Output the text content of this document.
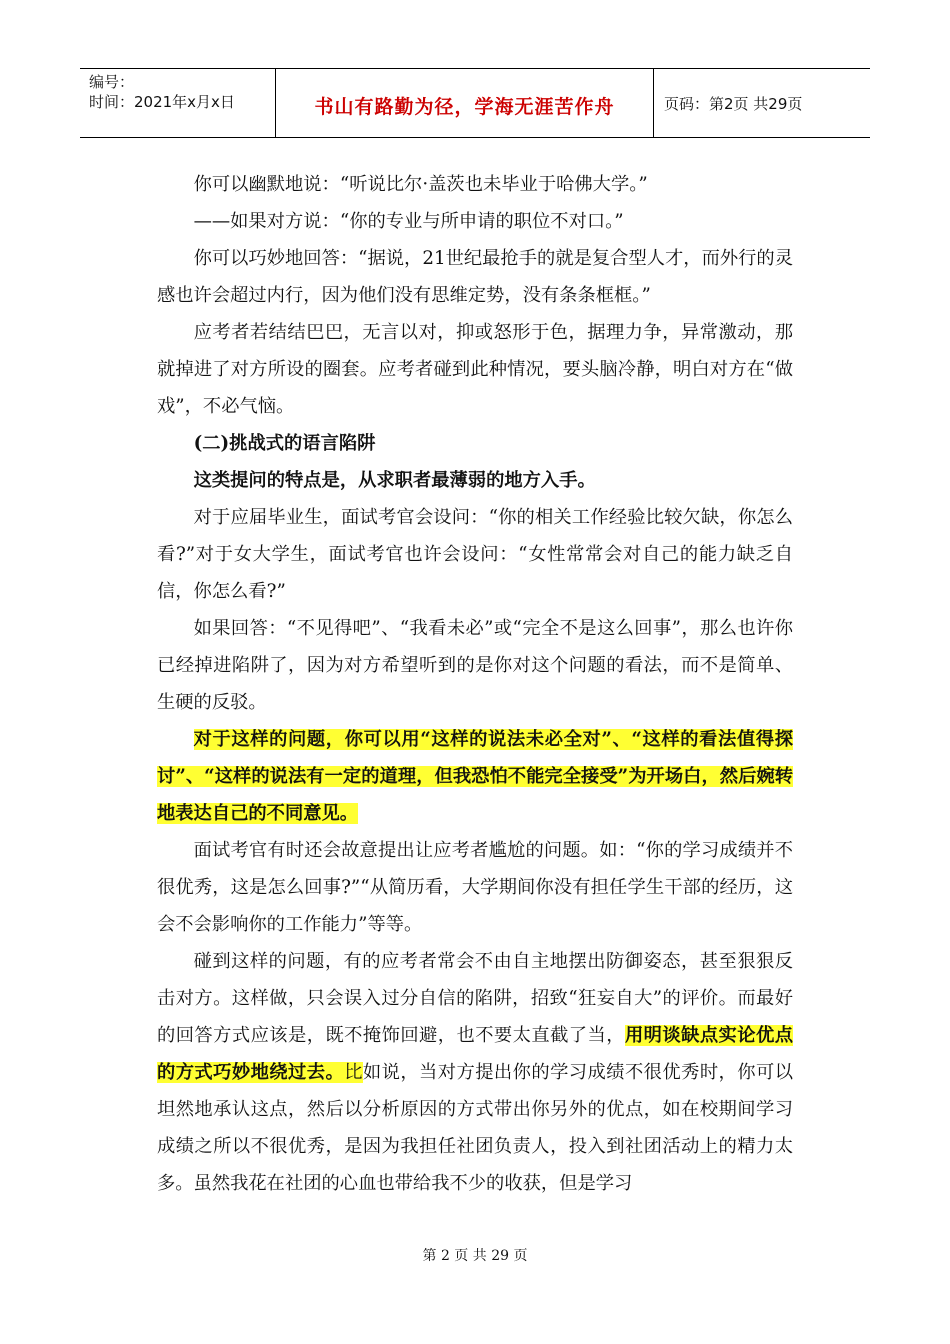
编号：
时间：2021年x月x日	书山有路勤为径，学海无涯苦作舟	页码：第2页 共29页

你可以幽默地说：“听说比尔·盖茨也未毕业于哈佛大学。”

——如果对方说：“你的专业与所申请的职位不对口。”

你可以巧妙地回答：“据说，21世纪最抢手的就是复合型人才，而外行的灵感也许会超过内行，因为他们没有思维定势，没有条条框框。”

应考者若结结巴巴，无言以对，抑或怒形于色，据理力争，异常激动，那就掉进了对方所设的圈套。应考者碰到此种情况，要头脑冷静，明白对方在“做戏”，不必气恼。

(二)挑战式的语言陷阱

这类提问的特点是，从求职者最薄弱的地方入手。

对于应届毕业生，面试考官会设问：“你的相关工作经验比较欠缺，你怎么看?”对于女大学生，面试考官也许会设问：“女性常常会对自己的能力缺乏自信，你怎么看?”

如果回答：“不见得吧”、“我看未必”或“完全不是这么回事”，那么也许你已经掉进陷阱了，因为对方希望听到的是你对这个问题的看法，而不是简单、生硬的反驳。

对于这样的问题，你可以用“这样的说法未必全对”、“这样的看法值得探讨”、“这样的说法有一定的道理，但我恐怕不能完全接受”为开场白，然后婉转地表达自己的不同意见。

面试考官有时还会故意提出让应考者尴尬的问题。如：“你的学习成绩并不很优秀，这是怎么回事?”“从简历看，大学期间你没有担任学生干部的经历，这会不会影响你的工作能力”等等。

碰到这样的问题，有的应考者常会不由自主地摆出防御姿态，甚至狠狠反击对方。这样做，只会误入过分自信的陷阱，招致“狂妄自大”的评价。而最好的回答方式应该是，既不掩饰回避，也不要太直截了当，用明谈缺点实论优点的方式巧妙地绕过去。比如说，当对方提出你的学习成绩不很优秀时，你可以坦然地承认这点，然后以分析原因的方式带出你另外的优点，如在校期间学习成绩之所以不很优秀，是因为我担任社团负责人，投入到社团活动上的精力太多。虽然我花在社团的心血也带给我不少的收获，但是学习

第 2 页 共 29 页
